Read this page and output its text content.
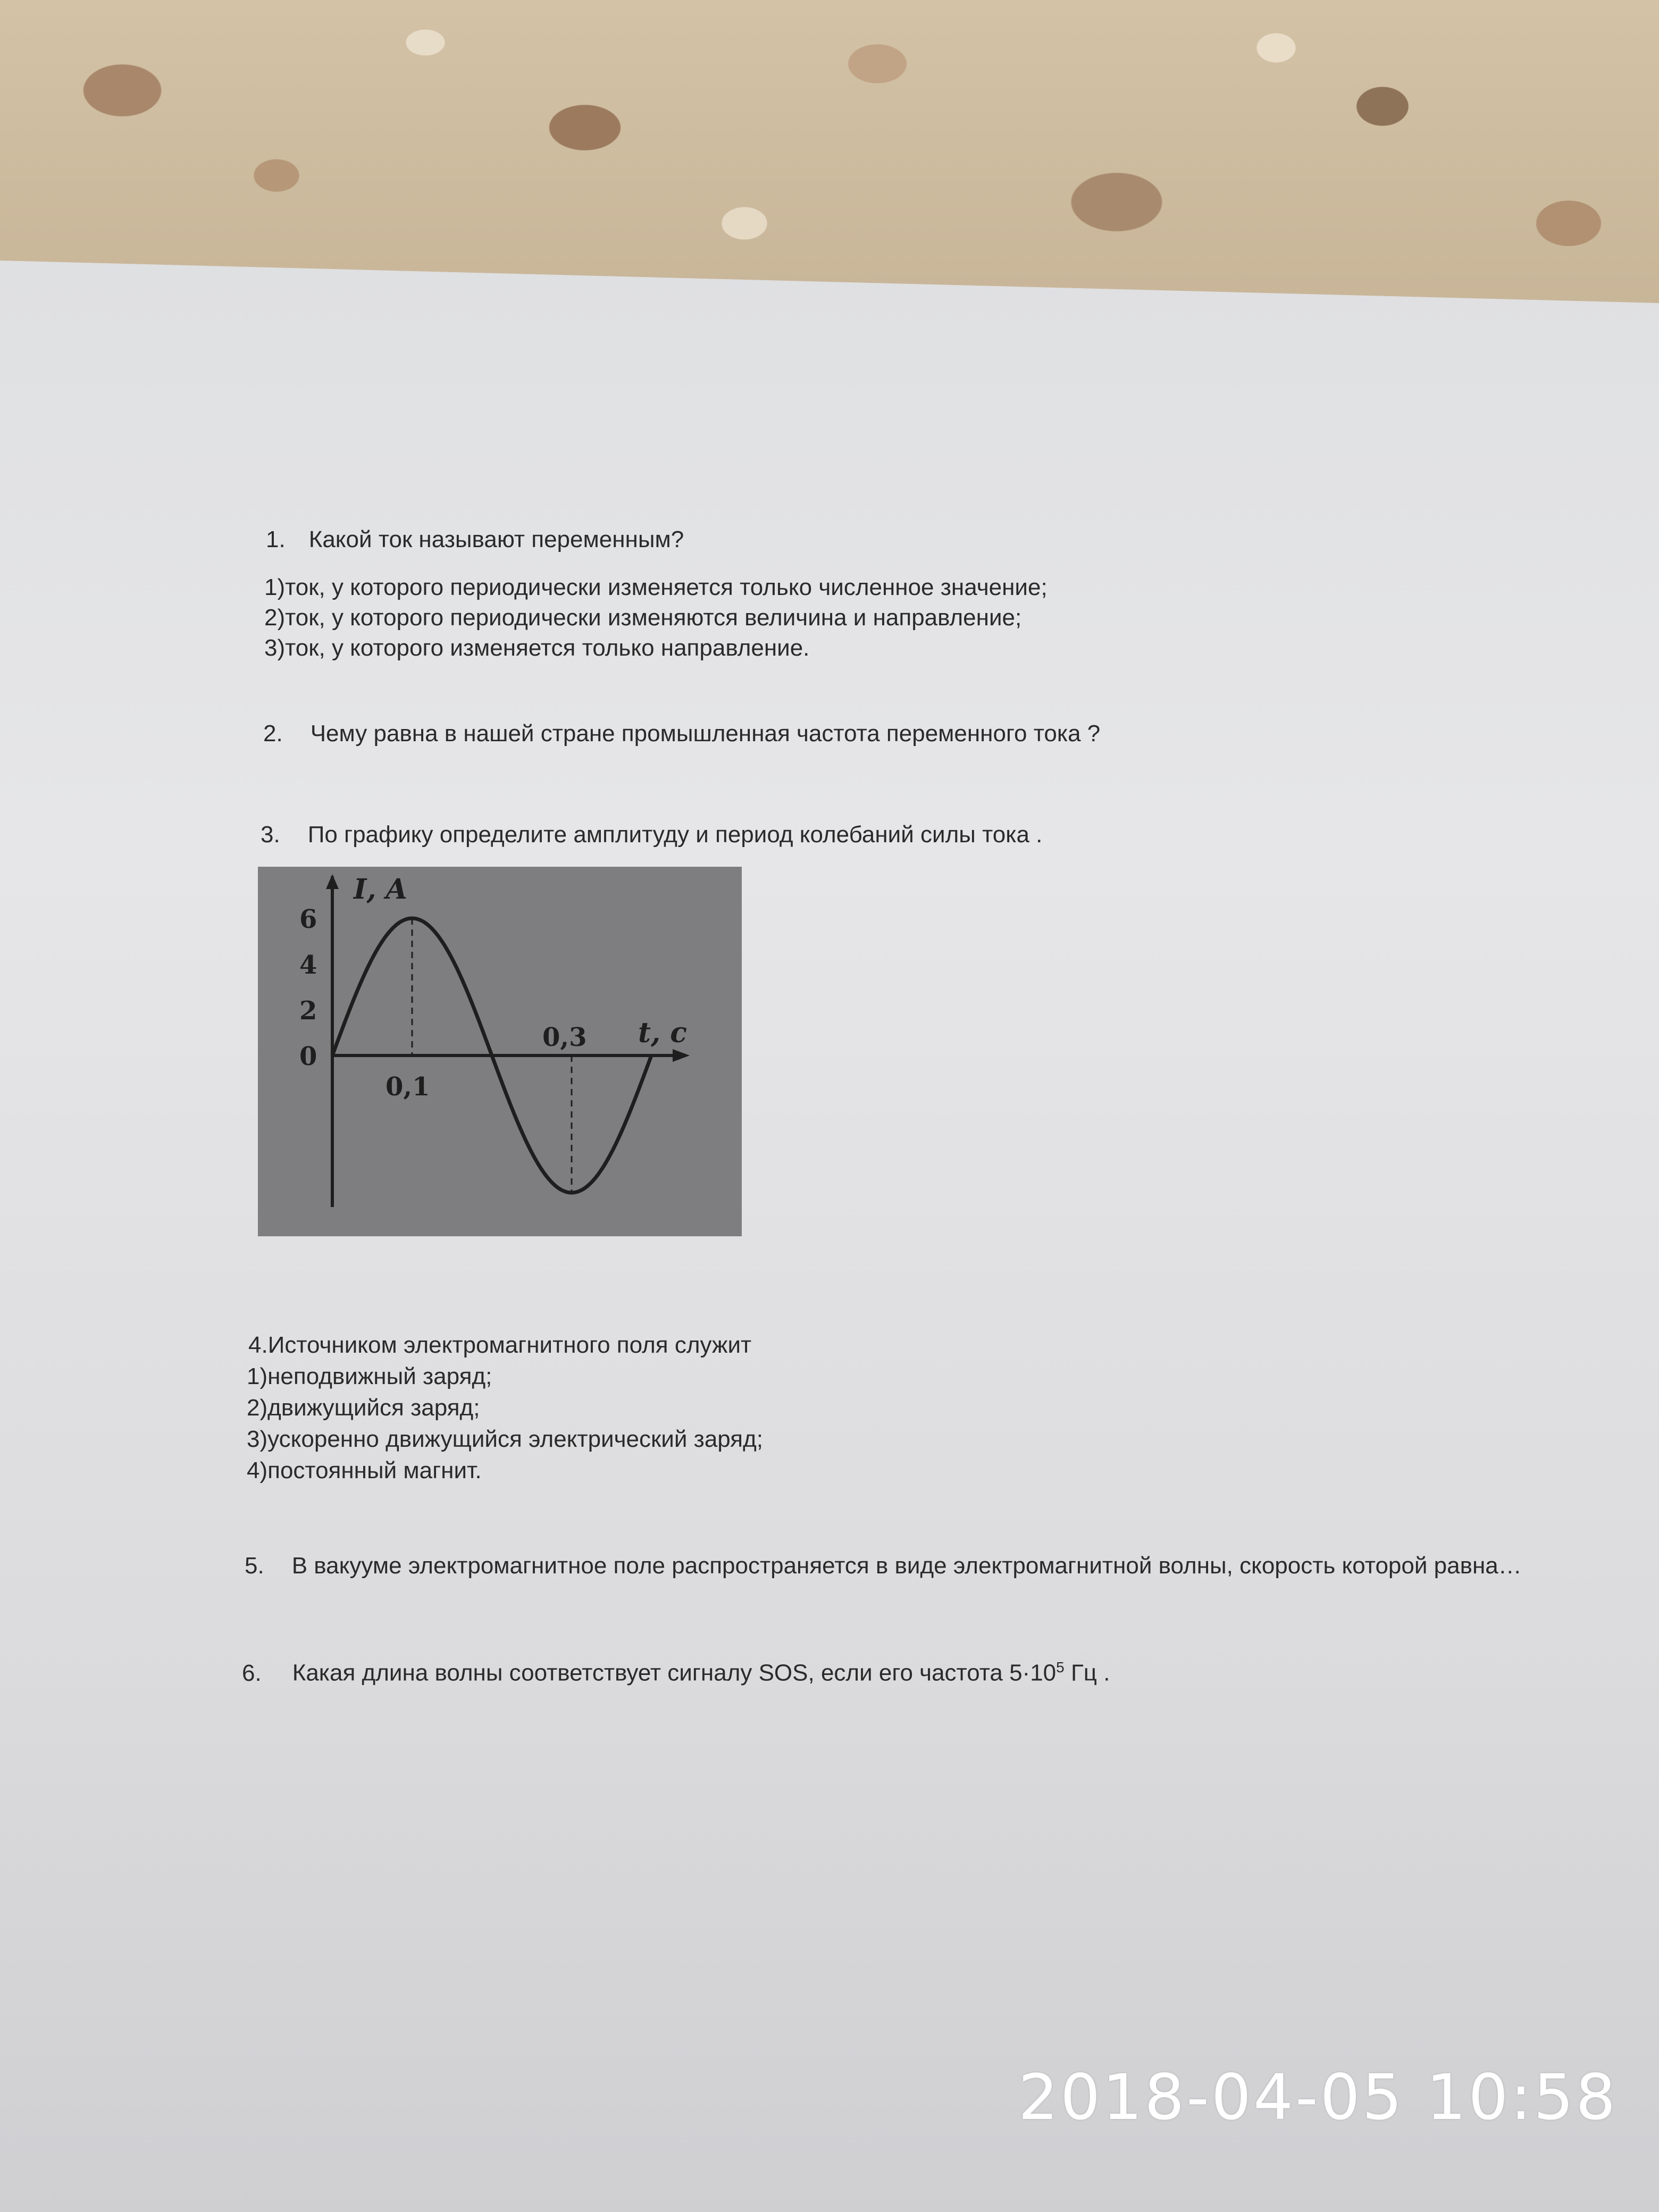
1. Какой ток называют переменным?
1)ток, у которого периодически изменяется только численное значение;
2)ток, у которого периодически изменяются величина и направление;
3)ток, у которого изменяется только направление.
2. Чему равна в нашей стране промышленная частота переменного тока ?
3. По графику определите амплитуду и период колебаний силы тока .
I, A
t, c
6
4
2
0
0,1
0,3
4.Источником электромагнитного поля служит
1)неподвижный заряд;
2)движущийся заряд;
3)ускоренно движущийся электрический заряд;
4)постоянный магнит.
5. В вакууме электромагнитное поле распространяется в виде электромагнитной волны, скорость которой равна…
6. Какая длина волны соответствует сигналу SOS, если его частота $5\cdot 10^5$ Гц .
2018-04-05 10:58
